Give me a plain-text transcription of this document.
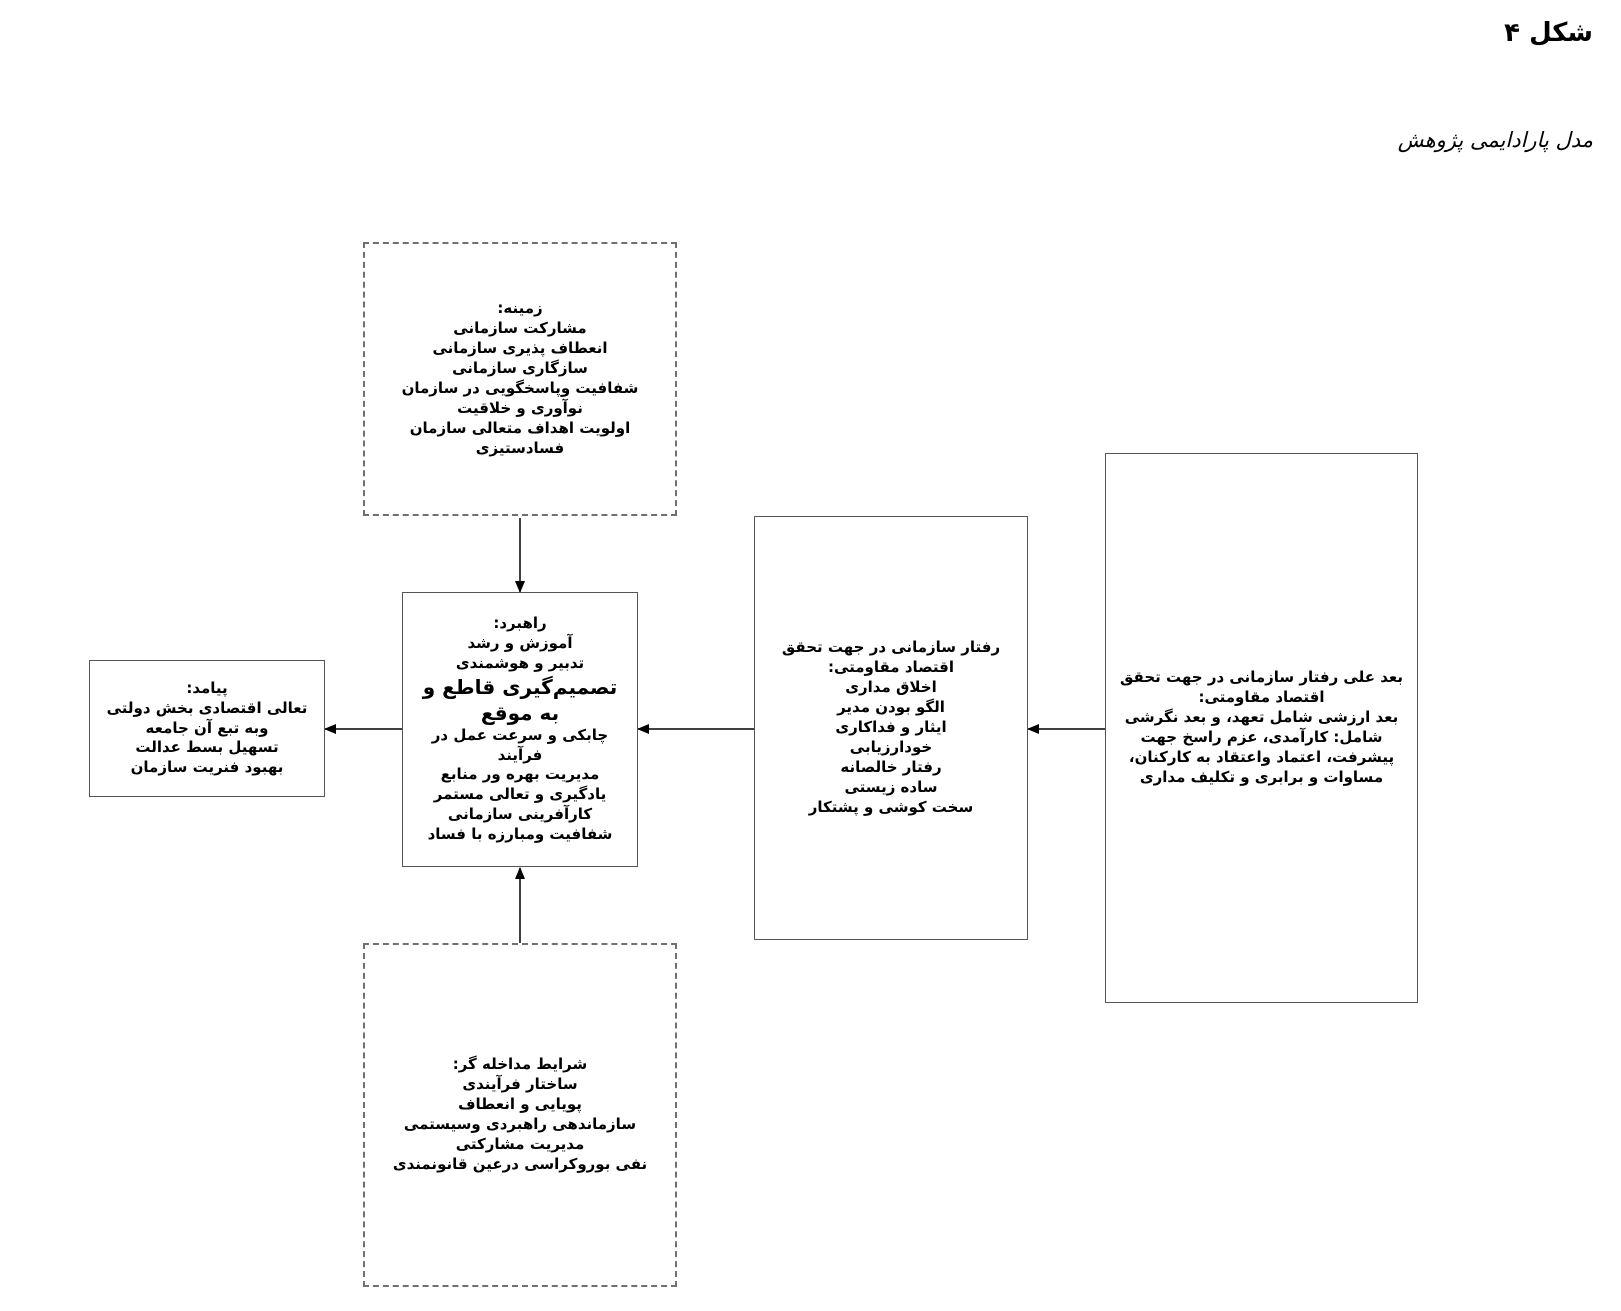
شکل ۴

مدل پارادایمی پژوهش

زمینه:
مشارکت سازمانی
انعطاف پذیری سازمانی
سازگاری سازمانی
شفافیت وپاسخگویی در سازمان
نوآوری و خلاقیت
اولویت اهداف متعالی سازمان
فسادستیزی
راهبرد:
آموزش و رشد
تدبیر و هوشمندی
تصمیم‌گیری قاطع و به موقع
چابکی و سرعت عمل در فرآیند
مدیریت بهره ور منابع
یادگیری و تعالی مستمر
کارآفرینی سازمانی
شفافیت ومبارزه با فساد
پیامد:
تعالی اقتصادی بخش دولتی وبه تبع آن جامعه
تسهیل بسط عدالت
بهبود فنریت سازمان
رفتار سازمانی در جهت تحقق اقتصاد مقاومتی:
اخلاق مداری
الگو بودن مدیر
ایثار و فداکاری
خودارزیابی
رفتار خالصانه
ساده زیستی
سخت کوشی و پشتکار
بعد علی رفتار سازمانی در جهت تحقق اقتصاد مقاومتی:
بعد ارزشی شامل تعهد، و بعد نگرشی شامل: کارآمدی، عزم راسخ جهت پیشرفت، اعتماد واعتقاد به کارکنان، مساوات و برابری و تکلیف مداری
شرایط مداخله گر:
ساختار فرآیندی
پویایی و انعطاف
سازماندهی راهبردی وسیستمی
مدیریت مشارکتی
نفی بوروکراسی درعین قانونمندی
